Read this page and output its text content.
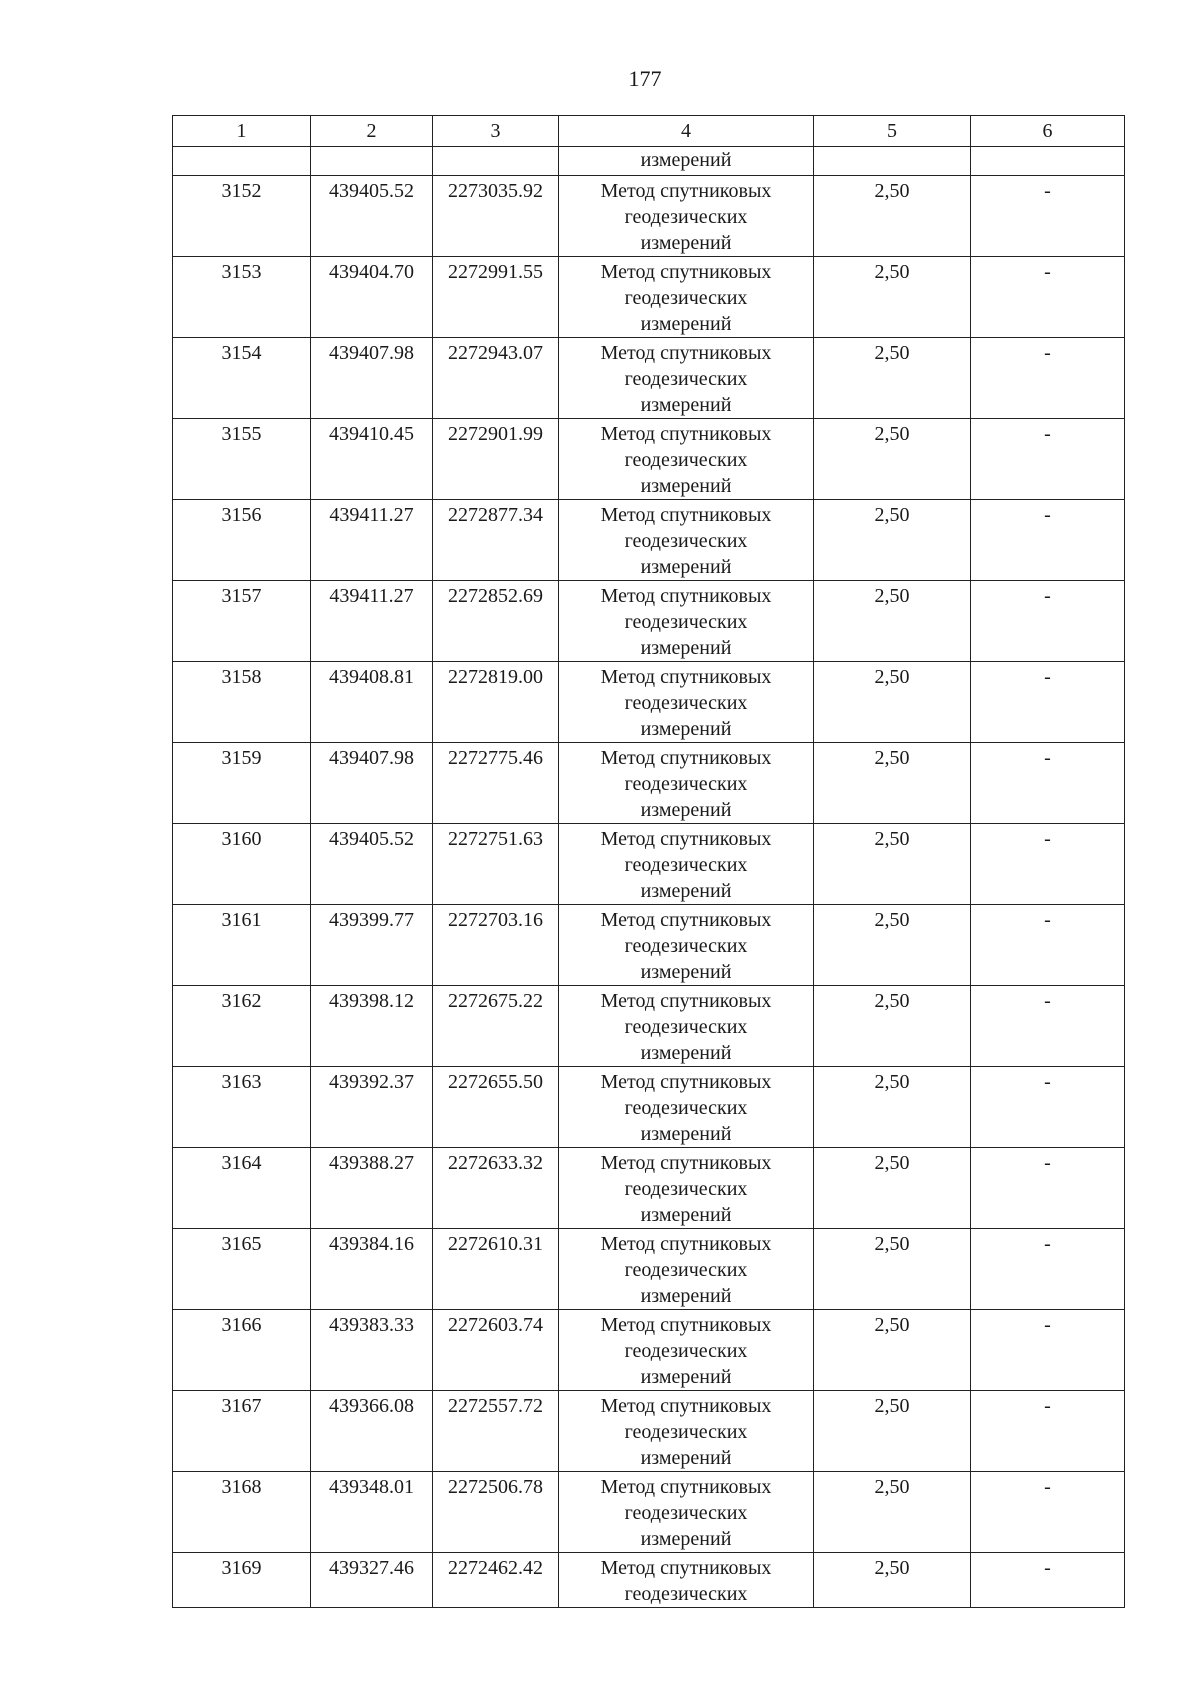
177
1	2	3	4	5	6
			измерений		
3152	439405.52	2273035.92	Метод спутниковых
геодезических
измерений	2,50	-
3153	439404.70	2272991.55	Метод спутниковых
геодезических
измерений	2,50	-
3154	439407.98	2272943.07	Метод спутниковых
геодезических
измерений	2,50	-
3155	439410.45	2272901.99	Метод спутниковых
геодезических
измерений	2,50	-
3156	439411.27	2272877.34	Метод спутниковых
геодезических
измерений	2,50	-
3157	439411.27	2272852.69	Метод спутниковых
геодезических
измерений	2,50	-
3158	439408.81	2272819.00	Метод спутниковых
геодезических
измерений	2,50	-
3159	439407.98	2272775.46	Метод спутниковых
геодезических
измерений	2,50	-
3160	439405.52	2272751.63	Метод спутниковых
геодезических
измерений	2,50	-
3161	439399.77	2272703.16	Метод спутниковых
геодезических
измерений	2,50	-
3162	439398.12	2272675.22	Метод спутниковых
геодезических
измерений	2,50	-
3163	439392.37	2272655.50	Метод спутниковых
геодезических
измерений	2,50	-
3164	439388.27	2272633.32	Метод спутниковых
геодезических
измерений	2,50	-
3165	439384.16	2272610.31	Метод спутниковых
геодезических
измерений	2,50	-
3166	439383.33	2272603.74	Метод спутниковых
геодезических
измерений	2,50	-
3167	439366.08	2272557.72	Метод спутниковых
геодезических
измерений	2,50	-
3168	439348.01	2272506.78	Метод спутниковых
геодезических
измерений	2,50	-
3169	439327.46	2272462.42	Метод спутниковых
геодезических	2,50	-
